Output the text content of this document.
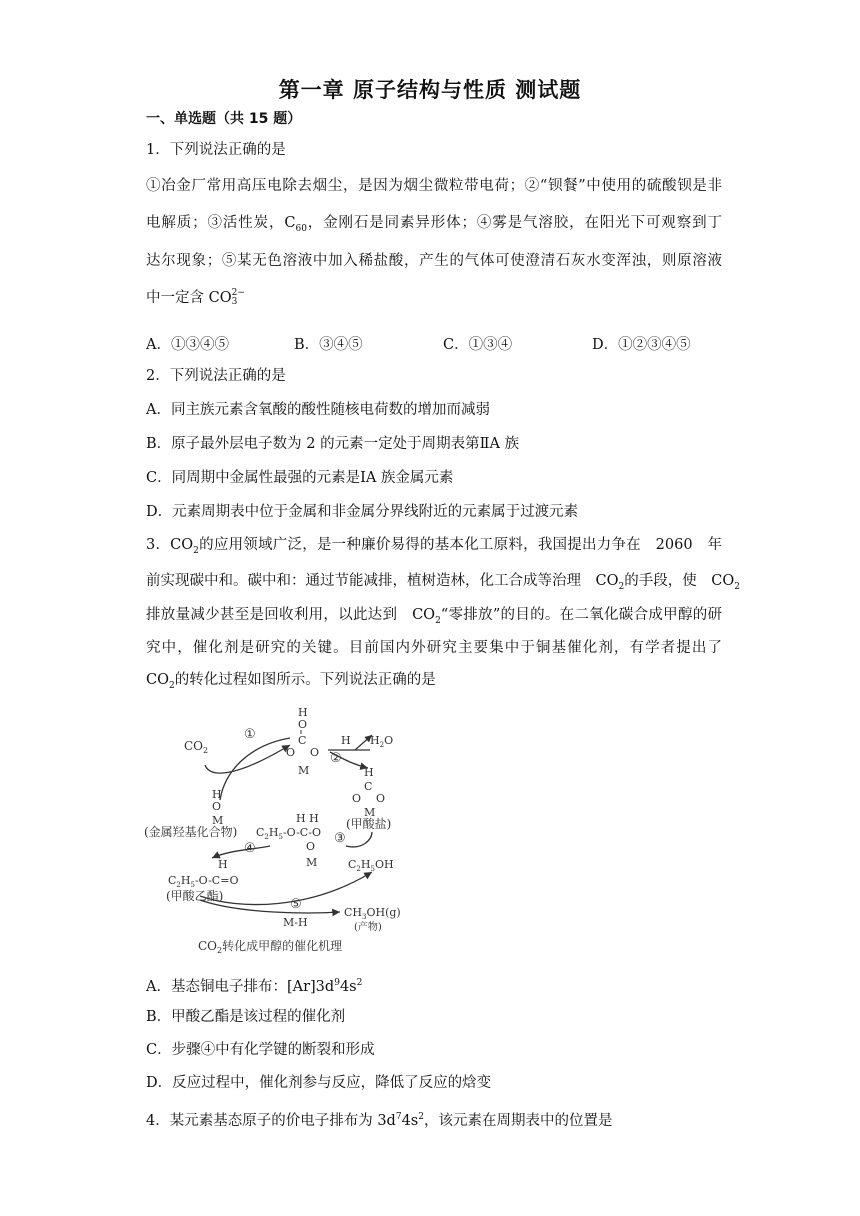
第一章 原子结构与性质 测试题
一、单选题（共 15 题）
1．下列说法正确的是
①冶金厂常用高压电除去烟尘，是因为烟尘微粒带电荷；②“钡餐”中使用的硫酸钡是非
电解质；③活性炭，$C_{60}$，金刚石是同素异形体；④雾是气溶胶，在阳光下可观察到丁
达尔现象；⑤某无色溶液中加入稀盐酸，产生的气体可使澄清石灰水变浑浊，则原溶液
中一定含 CO 2−
3
A．①③④⑤	B．③④⑤	C．①③④	D．①②③④⑤
2．下列说法正确的是
A．同主族元素含氧酸的酸性随核电荷数的增加而减弱
B．原子最外层电子数为 2 的元素一定处于周期表第ⅡA 族
C．同周期中金属性最强的元素是ⅠA 族金属元素
D．元素周期表中位于金属和非金属分界线附近的元素属于过渡元素
3．$CO_2$的应用领域广泛，是一种廉价易得的基本化工原料，我国提出力争在　2060　年
前实现碳中和。碳中和：通过节能减排，植树造林，化工合成等治理　$CO_2$的手段，使　$CO_2$
排放量减少甚至是回收利用，以此达到　$CO_2“$零排放”的目的。在二氧化碳合成甲醇的研
究中，催化剂是研究的关键。目前国内外研究主要集中于铜基催化剂，有学者提出了
$CO_2$的转化过程如图所示。下列说法正确的是
$CO_2$
①
H
O
C
O O
M
H $H_2O$
②
H
C
O O
M
(甲酸盐)
H
O
M
(金属羟基化合物) $C_2H_5-O-C-O$
H H
O
M
③
$C_2H_5OH$
④
H
$C_2H_5-O-C=O$
(甲酸乙酯)
⑤
M-H
$CH_3OH(g)$
(产物)
$CO_2$转化成甲醇的催化机理
A．基态铜电子排布：$[Ar]3d^94s^2$
B．甲酸乙酯是该过程的催化剂
C．步骤④中有化学键的断裂和形成
D．反应过程中，催化剂参与反应，降低了反应的焓变
4．某元素基态原子的价电子排布为 $3d^74s^2$，该元素在周期表中的位置是
